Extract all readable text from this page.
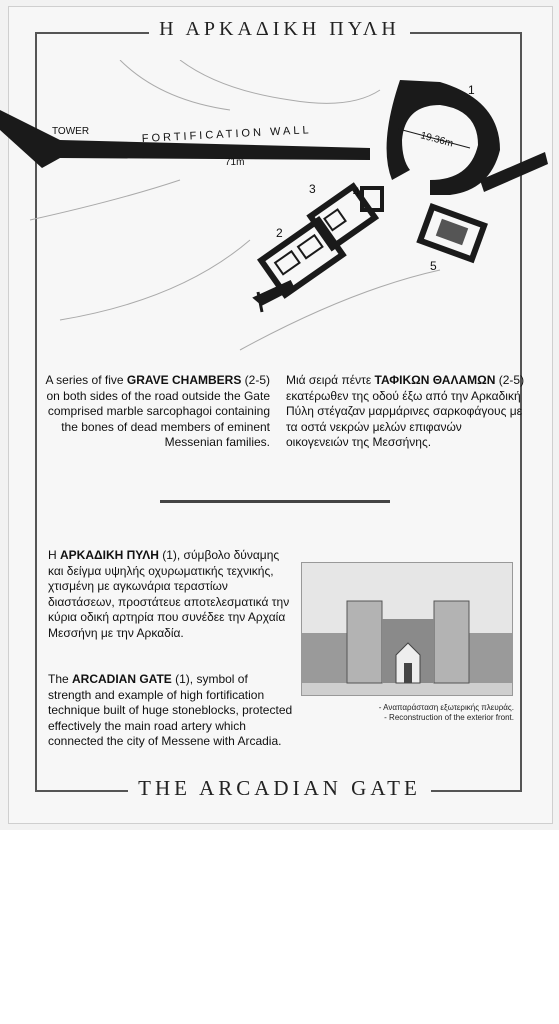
Η ΑΡΚΑΔΙΚΗ ΠΥΛΗ
TOWER	FORTIFICATION WALL
71m
19.36m
1
2
3	4
5
A series of five GRAVE CHAMBERS (2-5) on both sides of the road outside the Gate comprised marble sarcophagoi containing the bones of dead members of eminent Messenian families.
Μιά σειρά πέντε ΤΑΦΙΚΩΝ ΘΑΛΑΜΩΝ (2-5) εκατέρωθεν της οδού έξω από την Αρκαδική Πύλη στέγαζαν μαρμάρινες σαρκοφάγους με τα οστά νεκρών μελών επιφανών οικογενειών της Μεσσήνης.
Η ΑΡΚΑΔΙΚΗ ΠΥΛΗ (1), σύμβολο δύναμης και δείγμα υψηλής οχυρωματικής τεχνικής, χτισμένη με αγκωνάρια τεραστίων διαστάσεων, προστάτευε αποτελεσματικά την κύρια οδική αρτηρία που συνέδεε την Αρχαία Μεσσήνη με την Αρκαδία.
The ARCADIAN GATE (1), symbol of strength and example of high fortification technique built of huge stoneblocks, protected effectively the main road artery which connected the city of Messene with Arcadia.
- Αναπαράσταση εξωτερικής πλευράς.
- Reconstruction of the exterior front.
THE ARCADIAN GATE
